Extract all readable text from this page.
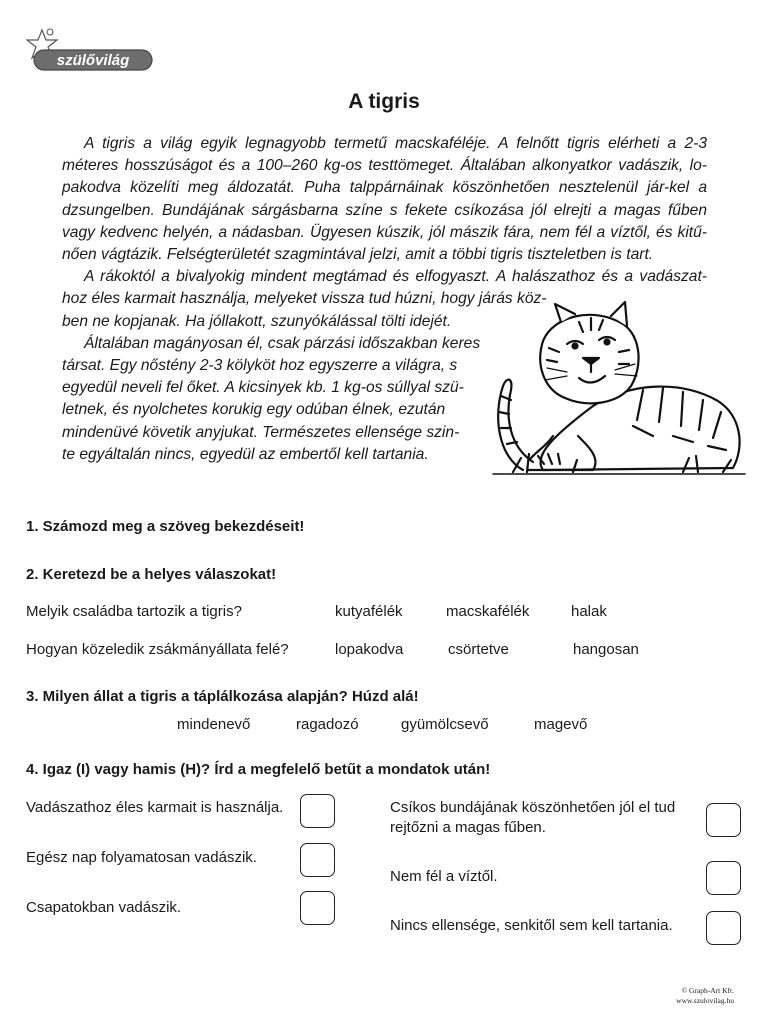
szülővilág
A tigris
A tigris a világ egyik legnagyobb termetű macskaféléje. A felnőtt tigris elérheti a 2-3
méteres hosszúságot és a 100–260 kg-os testtömeget. Általában alkonyatkor vadászik, lo-
pakodva közelíti meg áldozatát. Puha talppárnáinak köszönhetően nesztelenül jár-kel a
dzsungelben. Bundájának sárgásbarna színe s fekete csíkozása jól elrejti a magas fűben
vagy kedvenc helyén, a nádasban. Ügyesen kúszik, jól mászik fára, nem fél a víztől, és kitű-
nően vágtázik. Felségterületét szagmintával jelzi, amit a többi tigris tiszteletben is tart.
A rákoktól a bivalyokig mindent megtámad és elfogyaszt. A halászathoz és a vadászat-
hoz éles karmait használja, melyeket vissza tud húzni, hogy járás köz-
ben ne kopjanak. Ha jóllakott, szunyókálással tölti idejét.
Általában magányosan él, csak párzási időszakban keres
társat. Egy nőstény 2-3 kölyköt hoz egyszerre a világra, s
egyedül neveli fel őket. A kicsinyek kb. 1 kg-os súllyal szü-
letnek, és nyolchetes korukig egy odúban élnek, ezután
mindenüvé követik anyjukat. Természetes ellensége szin-
te egyáltalán nincs, egyedül az embertől kell tartania.

1. Számozd meg a szöveg bekezdéseit!

2. Keretezd be a helyes válaszokat!

Melyik családba tartozik a tigris?	kutyafélék	macskafélék	halak
Hogyan közeledik zsákmányállata felé?	lopakodva	csörtetve	hangosan

3. Milyen állat a tigris a táplálkozása alapján? Húzd alá!

mindenevő	ragadozó	gyümölcsevő	magevő

4. Igaz (I) vagy hamis (H)? Írd a megfelelő betűt a mondatok után!

Vadászathoz éles karmait is használja.
Egész nap folyamatosan vadászik.
Csapatokban vadászik.
Csíkos bundájának köszönhetően jól el tud
rejtőzni a magas fűben.
Nem fél a víztől.
Nincs ellensége, senkitől sem kell tartania.
© Graph-Art Kft.
www.szulovilag.hu
